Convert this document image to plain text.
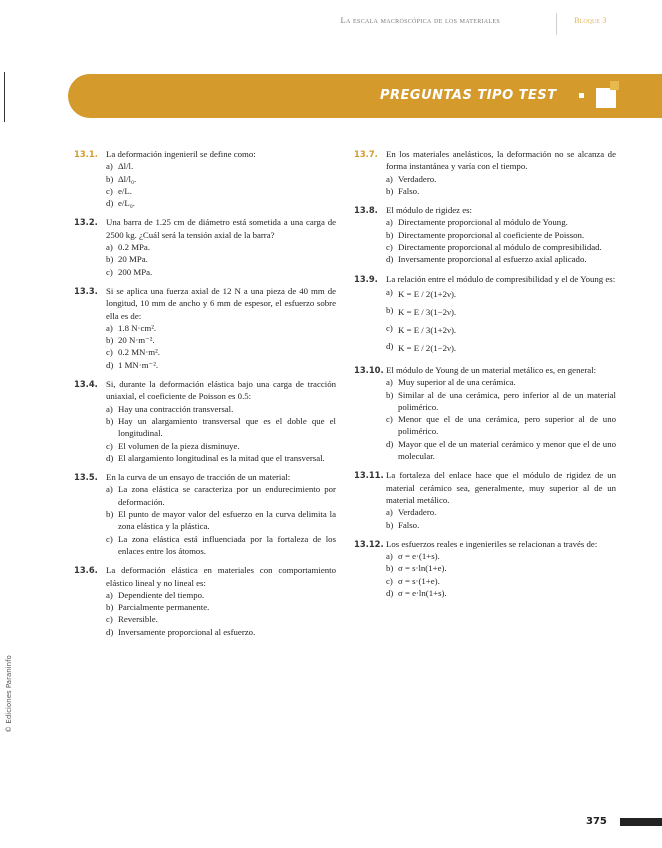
La escala macroscópica de los materiales	Bloque 3
PREGUNTAS TIPO TEST
13.1. La deformación ingenieril se define como:
a) Δl/l.
b) Δl/l₀.
c) e/L.
d) e/L₀.
13.2. Una barra de 1.25 cm de diámetro está sometida a una carga de 2500 kg. ¿Cuál será la tensión axial de la barra?
a) 0.2 MPa.
b) 20 MPa.
c) 200 MPa.
13.3. Si se aplica una fuerza axial de 12 N a una pieza de 40 mm de longitud, 10 mm de ancho y 6 mm de espesor, el esfuerzo sobre ella es de:
a) 1.8 N·cm².
b) 20 N·m⁻².
c) 0.2 MN·m².
d) 1 MN·m⁻².
13.4. Si, durante la deformación elástica bajo una carga de tracción uniaxial, el coeficiente de Poisson es 0.5:
a) Hay una contracción transversal.
b) Hay un alargamiento transversal que es el doble que el longitudinal.
c) El volumen de la pieza disminuye.
d) El alargamiento longitudinal es la mitad que el transversal.
13.5. En la curva de un ensayo de tracción de un material:
a) La zona elástica se caracteriza por un endurecimiento por deformación.
b) El punto de mayor valor del esfuerzo en la curva delimita la zona elástica y la plástica.
c) La zona elástica está influenciada por la fortaleza de los enlaces entre los átomos.
13.6. La deformación elástica en materiales con comportamiento elástico lineal y no lineal es:
a) Dependiente del tiempo.
b) Parcialmente permanente.
c) Reversible.
d) Inversamente proporcional al esfuerzo.
13.7. En los materiales anelásticos, la deformación no se alcanza de forma instantánea y varía con el tiempo.
a) Verdadero.
b) Falso.
13.8. El módulo de rigidez es:
a) Directamente proporcional al módulo de Young.
b) Directamente proporcional al coeficiente de Poisson.
c) Directamente proporcional al módulo de compresibilidad.
d) Inversamente proporcional al esfuerzo axial aplicado.
13.9. La relación entre el módulo de compresibilidad y el de Young es:
a) K = E / 2(1+2ν).
b) K = E / 3(1−2ν).
c) K = E / 3(1+2ν).
d) K = E / 2(1−2ν).
13.10. El módulo de Young de un material metálico es, en general:
a) Muy superior al de una cerámica.
b) Similar al de una cerámica, pero inferior al de un material polimérico.
c) Menor que el de una cerámica, pero superior al de uno polimérico.
d) Mayor que el de un material cerámico y menor que el de uno molecular.
13.11. La fortaleza del enlace hace que el módulo de rigidez de un material cerámico sea, generalmente, muy superior al de un material metálico.
a) Verdadero.
b) Falso.
13.12. Los esfuerzos reales e ingenieriles se relacionan a través de:
a) σ = e·(1+s).
b) σ = s·ln(1+e).
c) σ = s·(1+e).
d) σ = e·ln(1+s).
© Ediciones Paraninfo
375
